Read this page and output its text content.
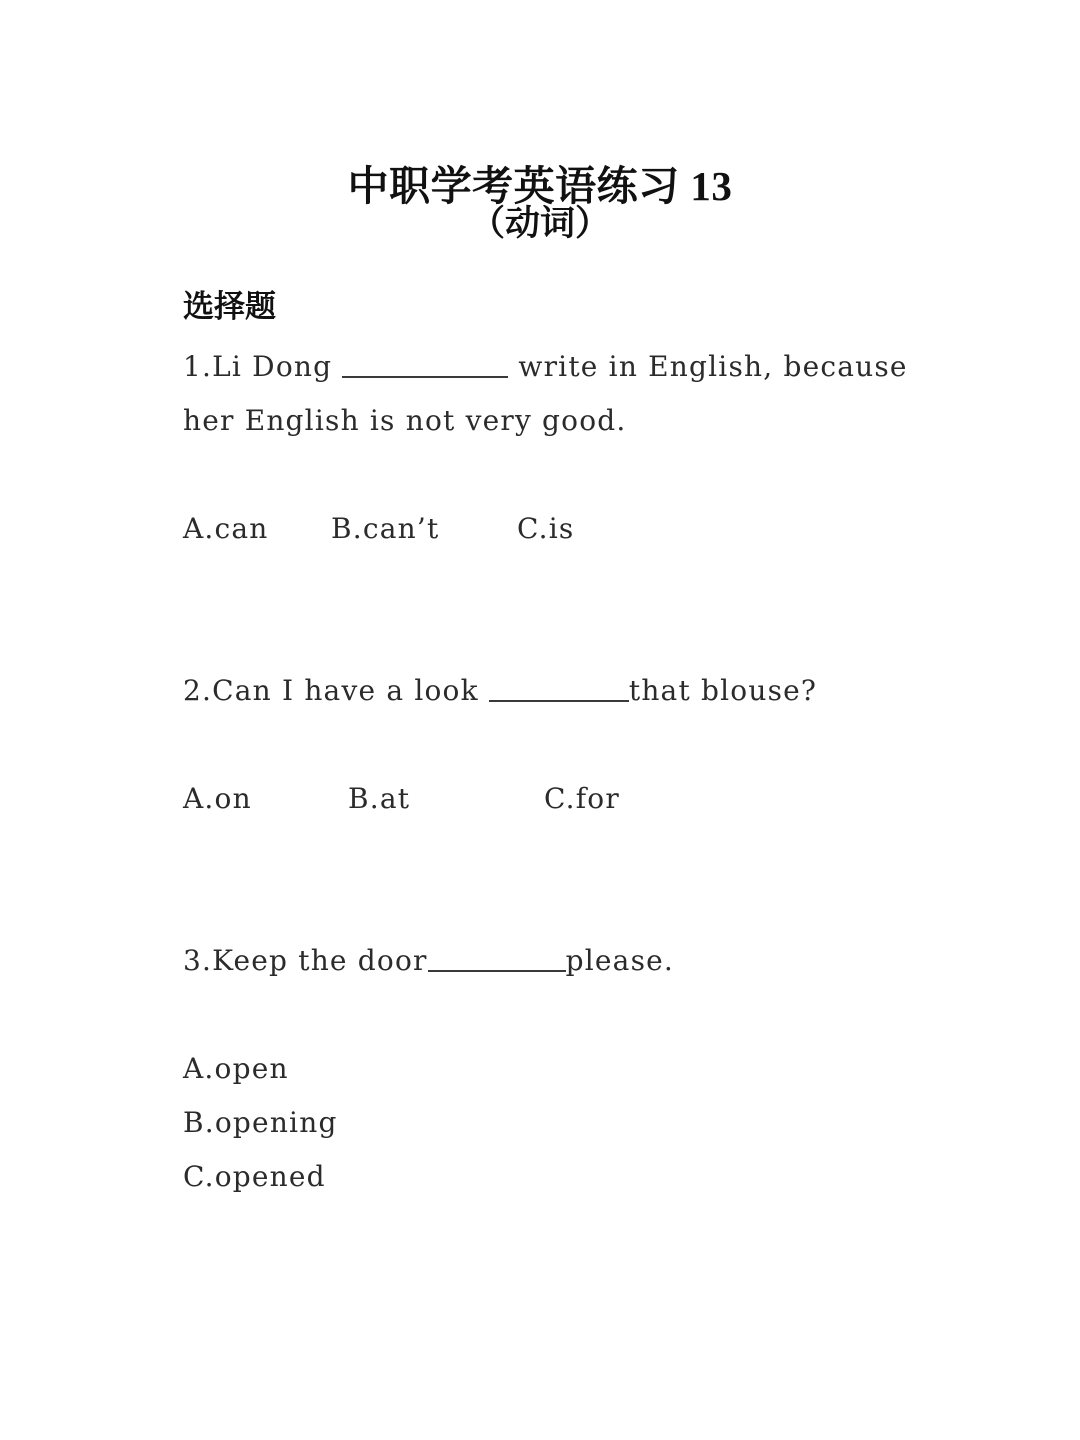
中职学考英语练习 13
（动词）
选择题
1.Li Dong	write in English, because
her English is not very good.
A.can B.can’t	C.is
2.Can I have a look	that blouse?
A.on	B.at	C.for
3.Keep the door	please.
A.open
B.opening
C.opened
